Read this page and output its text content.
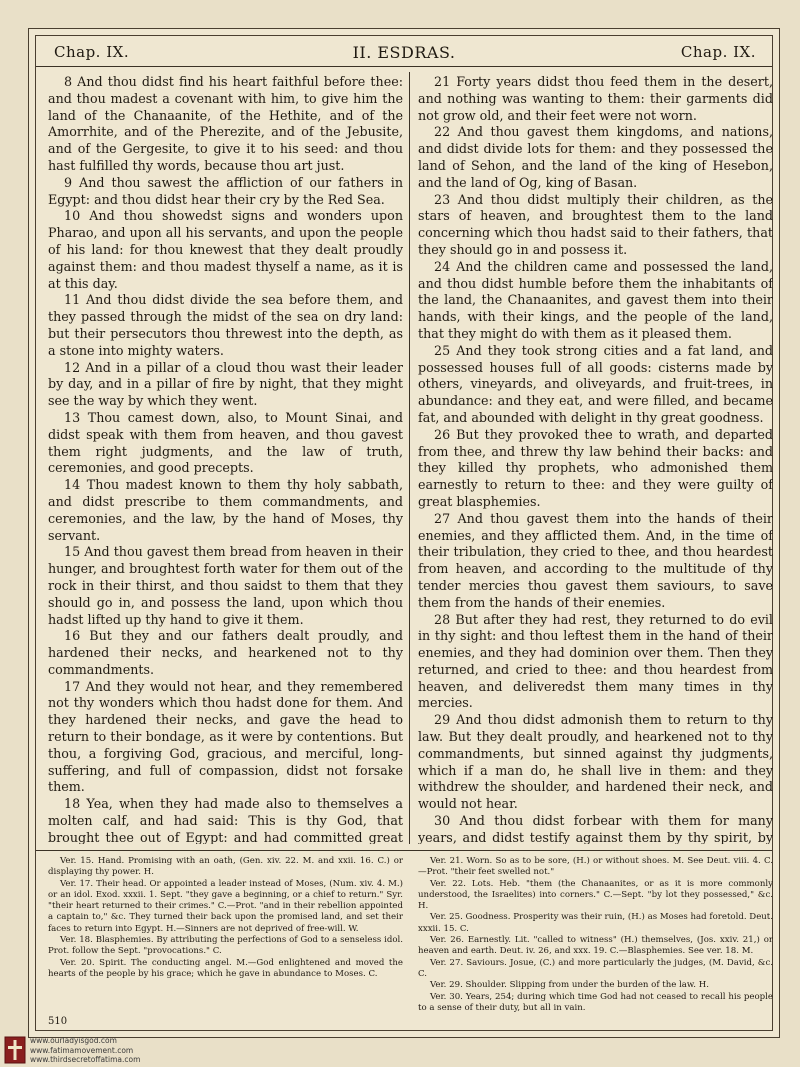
Chap. IX.	II. ESDRAS.	Chap. IX.

8 And thou didst find his heart faithful before thee: and thou madest a covenant with him, to give him the land of the Chanaanite, of the Hethite, and of the Amorrhite, and of the Pherezite, and of the Jebusite, and of the Gergesite, to give it to his seed: and thou hast fulfilled thy words, because thou art just.

9 And thou sawest the affliction of our fathers in Egypt: and thou didst hear their cry by the Red Sea.

10 And thou showedst signs and wonders upon Pharao, and upon all his servants, and upon the people of his land: for thou knewest that they dealt proudly against them: and thou madest thyself a name, as it is at this day.

11 And thou didst divide the sea before them, and they passed through the midst of the sea on dry land: but their persecutors thou threwest into the depth, as a stone into mighty waters.

12 And in a pillar of a cloud thou wast their leader by day, and in a pillar of fire by night, that they might see the way by which they went.

13 Thou camest down, also, to Mount Sinai, and didst speak with them from heaven, and thou gavest them right judgments, and the law of truth, ceremonies, and good precepts.

14 Thou madest known to them thy holy sabbath, and didst prescribe to them commandments, and ceremonies, and the law, by the hand of Moses, thy servant.

15 And thou gavest them bread from heaven in their hunger, and broughtest forth water for them out of the rock in their thirst, and thou saidst to them that they should go in, and possess the land, upon which thou hadst lifted up thy hand to give it them.

16 But they and our fathers dealt proudly, and hardened their necks, and hearkened not to thy commandments.

17 And they would not hear, and they remembered not thy wonders which thou hadst done for them. And they hardened their necks, and gave the head to return to their bondage, as it were by contentions. But thou, a forgiving God, gracious, and merciful, long-suffering, and full of compassion, didst not forsake them.

18 Yea, when they had made also to themselves a molten calf, and had said: This is thy God, that brought thee out of Egypt: and had committed great

21 Forty years didst thou feed them in the desert, and nothing was wanting to them: their garments did not grow old, and their feet were not worn.

22 And thou gavest them kingdoms, and nations, and didst divide lots for them: and they possessed the land of Sehon, and the land of the king of Hesebon, and the land of Og, king of Basan.

23 And thou didst multiply their children, as the stars of heaven, and broughtest them to the land concerning which thou hadst said to their fathers, that they should go in and possess it.

24 And the children came and possessed the land, and thou didst humble before them the inhabitants of the land, the Chanaanites, and gavest them into their hands, with their kings, and the people of the land, that they might do with them as it pleased them.

25 And they took strong cities and a fat land, and possessed houses full of all goods: cisterns made by others, vineyards, and oliveyards, and fruit-trees, in abundance: and they eat, and were filled, and became fat, and abounded with delight in thy great goodness.

26 But they provoked thee to wrath, and departed from thee, and threw thy law behind their backs: and they killed thy prophets, who admonished them earnestly to return to thee: and they were guilty of great blasphemies.

27 And thou gavest them into the hands of their enemies, and they afflicted them. And, in the time of their tribulation, they cried to thee, and thou heardest from heaven, and according to the multitude of thy tender mercies thou gavest them saviours, to save them from the hands of their enemies.

28 But after they had rest, they returned to do evil in thy sight: and thou leftest them in the hand of their enemies, and they had dominion over them. Then they returned, and cried to thee: and thou heardest from heaven, and deliveredst them many times in thy mercies.

29 And thou didst admonish them to return to thy law. But they dealt proudly, and hearkened not to thy commandments, but sinned against thy judgments, which if a man do, he shall live in them: and they withdrew the shoulder, and hardened their neck, and would not hear.

30 And thou didst forbear with them for many years, and didst testify against them by thy spirit, by

Ver. 15. Hand. Promising with an oath, (Gen. xiv. 22. M. and xxii. 16. C.) or displaying thy power. H.

Ver. 17. Their head. Or appointed a leader instead of Moses, (Num. xiv. 4. M.) or an idol. Exod. xxxii. 1. Sept. "they gave a beginning, or a chief to return." Syr. "their heart returned to their crimes." C.—Prot. "and in their rebellion appointed a captain to," &c. They turned their back upon the promised land, and set their faces to return into Egypt. H.—Sinners are not deprived of free-will. W.

Ver. 18. Blasphemies. By attributing the perfections of God to a senseless idol. Prot. follow the Sept. "provocations." C.

Ver. 20. Spirit. The conducting angel. M.—God enlightened and moved the hearts of the people by his grace; which he gave in abundance to Moses. C.

Ver. 21. Worn. So as to be sore, (H.) or without shoes. M. See Deut. viii. 4. C.—Prot. "their feet swelled not."

Ver. 22. Lots. Heb. "them (the Chanaanites, or as it is more commonly understood, the Israelites) into corners." C.—Sept. "by lot they possessed," &c. H.

Ver. 25. Goodness. Prosperity was their ruin, (H.) as Moses had foretold. Deut. xxxii. 15. C.

Ver. 26. Earnestly. Lit. "called to witness" (H.) themselves, (Jos. xxiv. 21,) or heaven and earth. Deut. iv. 26, and xxx. 19. C.—Blasphemies. See ver. 18. M.

Ver. 27. Saviours. Josue, (C.) and more particularly the judges, (M. David, &c. C.

Ver. 29. Shoulder. Slipping from under the burden of the law. H.

Ver. 30. Years, 254; during which time God had not ceased to recall his people to a sense of their duty, but all in vain.

510
www.ourladyisgod.com
www.fatimamovement.com
www.thirdsecretoffatima.com
